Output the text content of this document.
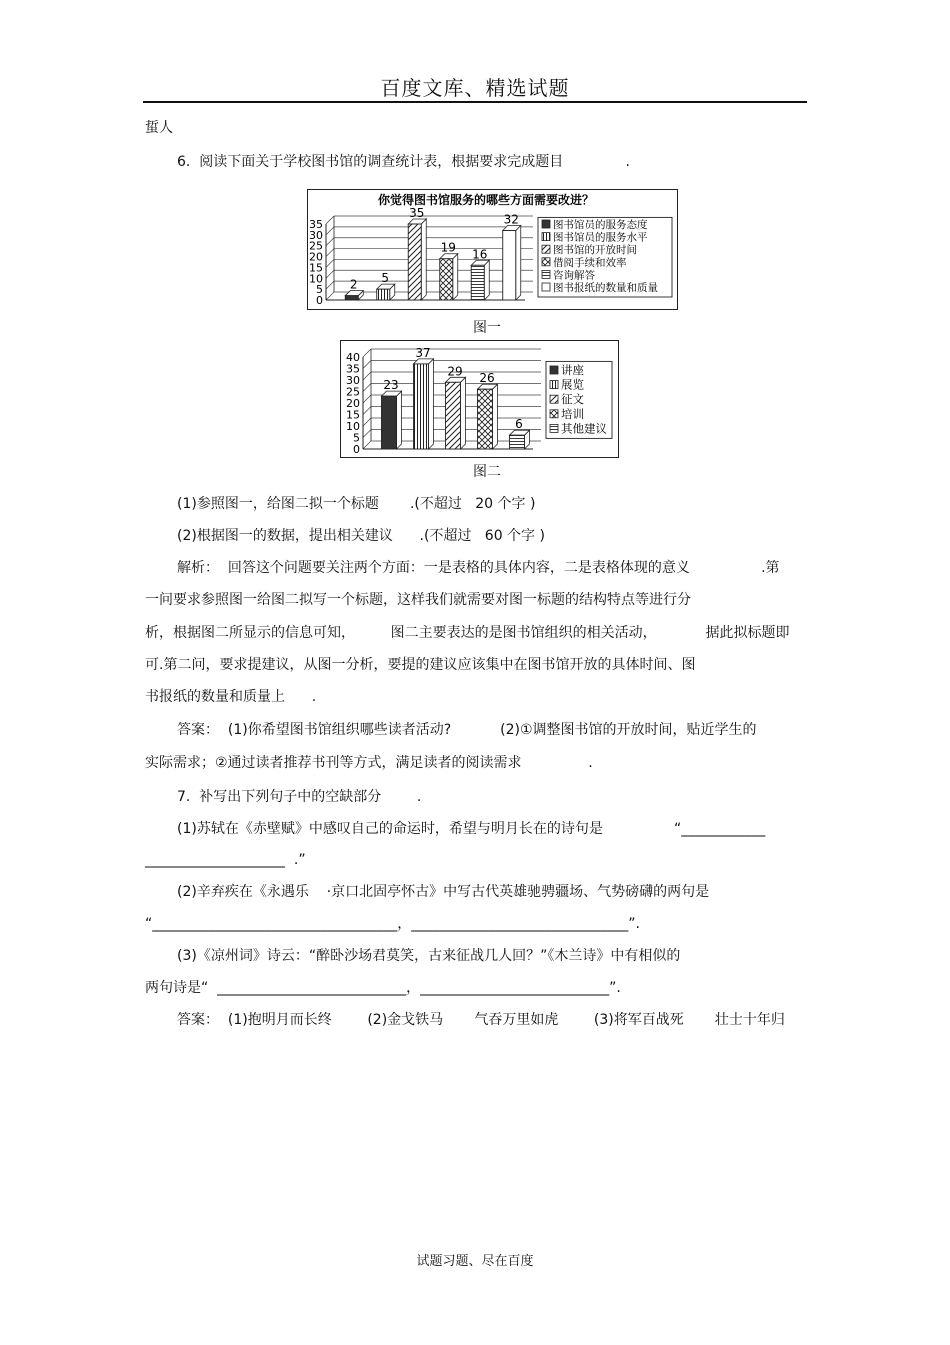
百度文库、精选试题
蜇人
6.  阅读下面关于学校图书馆的调查统计表，根据要求完成题目              .
你觉得图书馆服务的哪些方面需要改进？
35
30
25
20
15
10
5
0
2 5
35
19 16
32	图书馆员的服务态度
图书馆员的服务水平
图书馆的开放时间
借阅手续和效率
咨询解答
图书报纸的数量和质量
图一
40
35
30
25
20
15
10
5
0
23
37
29 26
6
讲座
展览
征文
培训
其他建议
图二
(1)参照图一，给图二拟一个标题       .(不超过   20 个字 )
(2)根据图一的数据，提出相关建议      .(不超过   60 个字 )
解析：  回答这个问题要关注两个方面：一是表格的具体内容，二是表格体现的意义                .第
一问要求参照图一给图二拟写一个标题，这样我们就需要对图一标题的结构特点等进行分
析，根据图二所显示的信息可知，        图二主要表达的是图书馆组织的相关活动，           据此拟标题即
可.第二问，要求提建议，从图一分析，要提的建议应该集中在图书馆开放的具体时间、图
书报纸的数量和质量上      .
答案：  (1)你希望图书馆组织哪些读者活动?           (2)①调整图书馆的开放时间，贴近学生的
实际需求；②通过读者推荐书刊等方式，满足读者的阅读需求               .
7.  补写出下列句子中的空缺部分        .
(1)苏轼在《赤壁赋》中感叹自己的命运时，希望与明月长在的诗句是                “____________
____________________  .”
(2)辛弃疾在《永遇乐    ·京口北固亭怀古》中写古代英雄驰骋疆场、气势磅礴的两句是
“___________________________________，_______________________________”.
(3)《凉州词》诗云：“醉卧沙场君莫笑，古来征战几人回？”《木兰诗》中有相似的
两句诗是“  ___________________________，___________________________”.
答案：  (1)抱明月而长终        (2)金戈铁马       气吞万里如虎        (3)将军百战死       壮士十年归
试题习题、尽在百度
